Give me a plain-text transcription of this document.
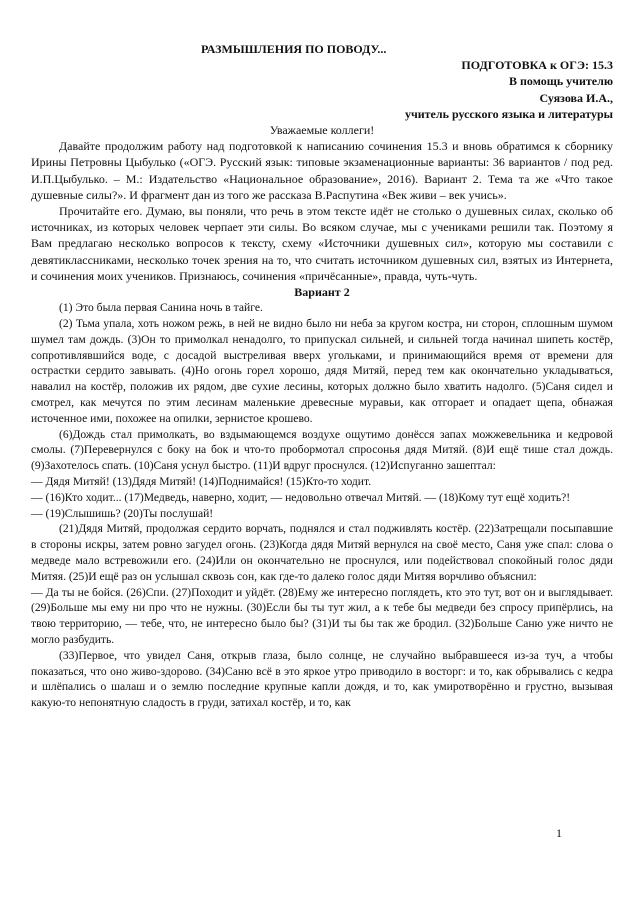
РАЗМЫШЛЕНИЯ ПО ПОВОДУ...

ПОДГОТОВКА к ОГЭ: 15.3

В помощь учителю

Суязова И.А.,

учитель русского языка и литературы

Уважаемые коллеги!

Давайте продолжим работу над подготовкой к написанию сочинения 15.3 и вновь обратимся к сборнику Ирины Петровны Цыбулько («ОГЭ. Русский язык: типовые экзаменационные варианты: 36 вариантов / под ред. И.П.Цыбулько. – М.: Издательство «Национальное образование», 2016). Вариант 2. Тема та же «Что такое душевные силы?». И фрагмент дан из того же рассказа В.Распутина «Век живи – век учись».

Прочитайте его. Думаю, вы поняли, что речь в этом тексте идёт не столько о душевных силах, сколько об источниках, из которых человек черпает эти силы. Во всяком случае, мы с учениками решили так. Поэтому я Вам предлагаю несколько вопросов к тексту, схему «Источники душевных сил», которую мы составили с девятиклассниками, несколько точек зрения на то, что считать источником душевных сил, взятых из Интернета, и сочинения моих учеников. Признаюсь, сочинения «причёсанные», правда, чуть-чуть.

Вариант 2

(1) Это была первая Санина ночь в тайге.

(2) Тьма упала, хоть ножом режь, в ней не видно было ни неба за кругом костра, ни сторон, сплошным шумом шумел там дождь. (3)Он то примолкал ненадолго, то припускал сильней, и сильней тогда начинал шипеть костёр, сопротивлявшийся воде, с досадой выстреливая вверх угольками, и принимающийся время от времени для острастки сердито завывать. (4)Но огонь горел хорошо, дядя Митяй, перед тем как окончательно укладываться, навалил на костёр, положив их рядом, две сухие лесины, которых должно было хватить надолго. (5)Саня сидел и смотрел, как мечутся по этим лесинам маленькие древесные муравьи, как отгорает и опадает щепа, обнажая источенное ими, похожее на опилки, зернистое крошево.

(6)Дождь стал примолкать, во вздымающемся воздухе ощутимо донёсся запах можжевельника и кедровой смолы. (7)Перевернулся с боку на бок и что-то пробормотал спросонья дядя Митяй. (8)И ещё тише стал дождь. (9)Захотелось спать. (10)Саня уснул быстро. (11)И вдруг проснулся. (12)Испуганно зашептал:

— Дядя Митяй! (13)Дядя Митяй! (14)Поднимайся! (15)Кто-то ходит.

— (16)Кто ходит... (17)Медведь, наверно, ходит, — недовольно отвечал Митяй. — (18)Кому тут ещё ходить?!

— (19)Слышишь? (20)Ты послушай!

(21)Дядя Митяй, продолжая сердито ворчать, поднялся и стал подживлять костёр. (22)Затрещали посыпавшие в стороны искры, затем ровно загудел огонь. (23)Когда дядя Митяй вернулся на своё место, Саня уже спал: слова о медведе мало встревожили его. (24)Или он окончательно не проснулся, или подействовал спокойный голос дяди Митяя. (25)И ещё раз он услышал сквозь сон, как где-то далеко голос дяди Митяя ворчливо объяснил:

— Да ты не бойся. (26)Спи. (27)Походит и уйдёт. (28)Ему же интересно поглядеть, кто это тут, вот он и выглядывает. (29)Больше мы ему ни про что не нужны. (30)Если бы ты тут жил, а к тебе бы медведи без спросу припёрлись, на твою территорию, — тебе, что, не интересно было бы? (31)И ты бы так же бродил. (32)Больше Саню уже ничто не могло разбудить.

(33)Первое, что увидел Саня, открыв глаза, было солнце, не случайно выбравшееся из-за туч, а чтобы показаться, что оно живо-здорово. (34)Саню всё в это яркое утро приводило в восторг: и то, как обрывались с кедра и шлёпались о шалаш и о землю последние крупные капли дождя, и то, как умиротворённо и грустно, вызывая какую-то непонятную сладость в груди, затихал костёр, и то, как

1
